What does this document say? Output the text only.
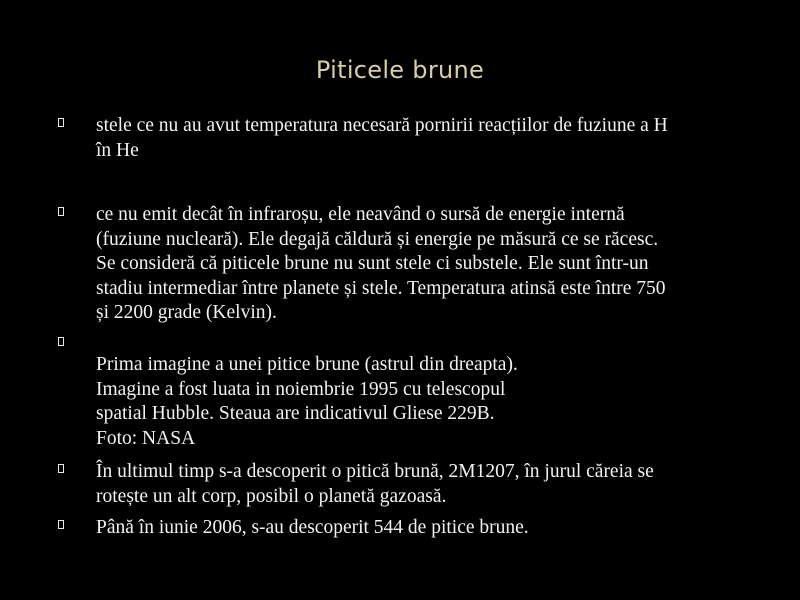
Piticele brune
stele ce nu au avut temperatura necesară pornirii reacțiilor de fuziune a H
în He
ce nu emit decât în infraroșu, ele neavând o sursă de energie internă
(fuziune nucleară). Ele degajă căldură și energie pe măsură ce se răcesc.
Se consideră că piticele brune nu sunt stele ci substele. Ele sunt într-un
stadiu intermediar între planete și stele. Temperatura atinsă este între 750
și 2200 grade (Kelvin).
Prima imagine a unei pitice brune (astrul din dreapta).
Imagine a fost luata in noiembrie 1995 cu telescopul
spatial Hubble. Steaua are indicativul Gliese 229B.
Foto: NASA
În ultimul timp s-a descoperit o pitică brună, 2M1207, în jurul căreia se
rotește un alt corp, posibil o planetă gazoasă.
Până în iunie 2006, s-au descoperit 544 de pitice brune.
